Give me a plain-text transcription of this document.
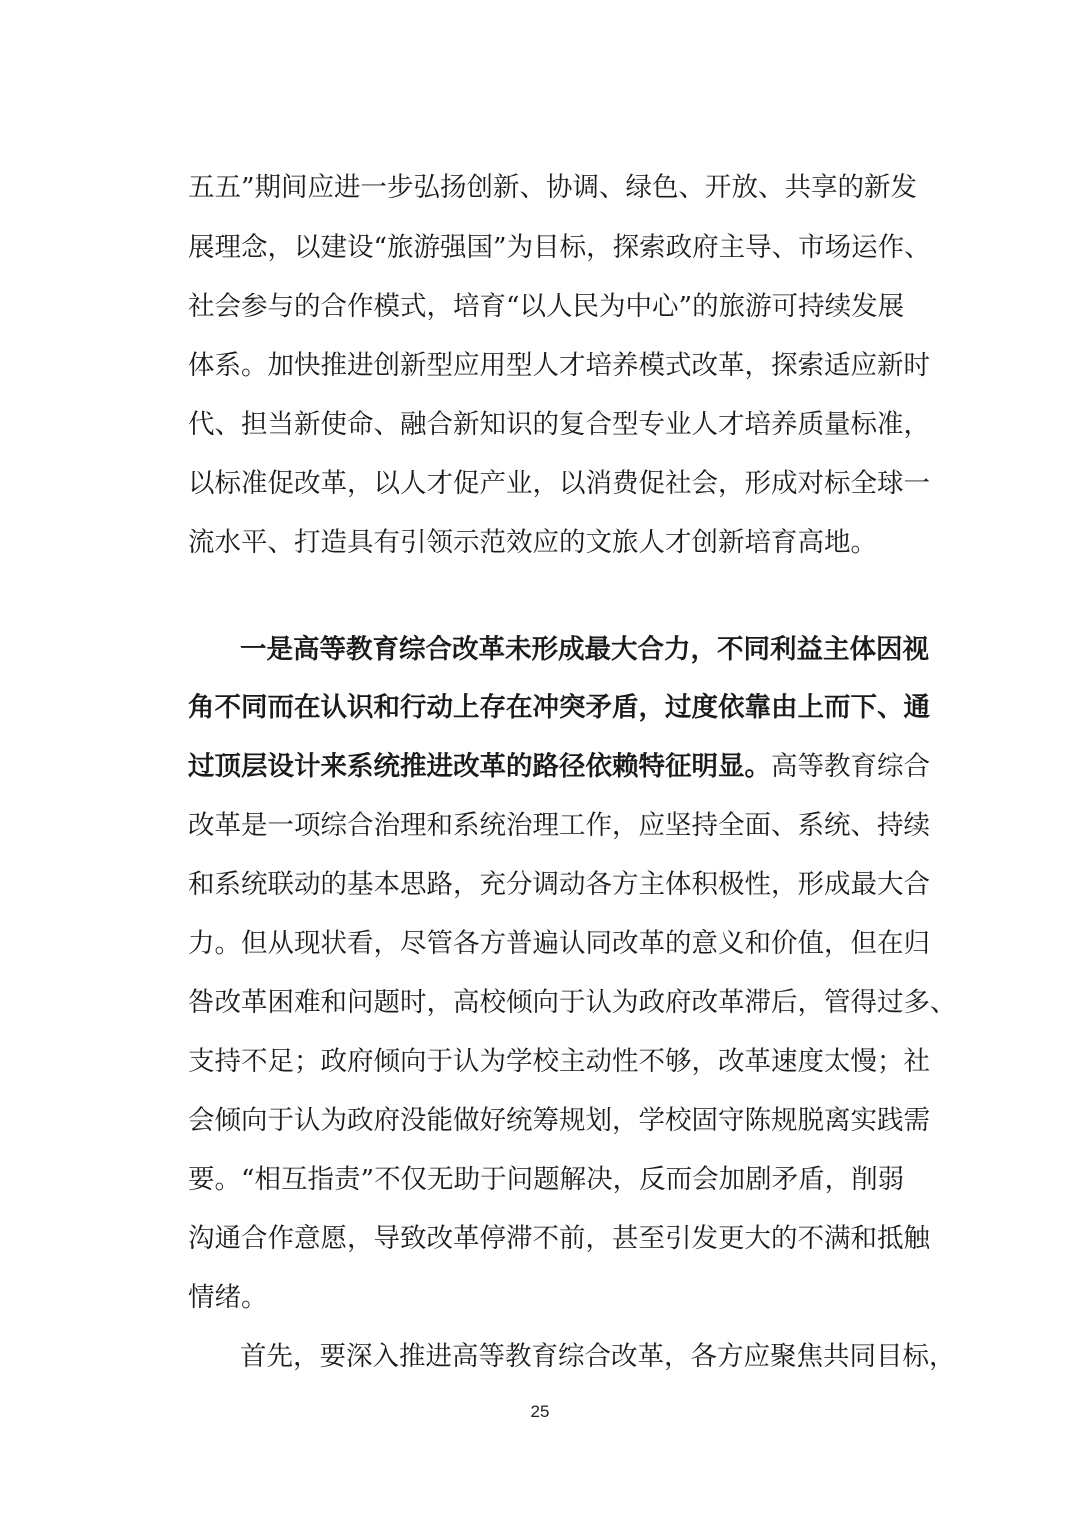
五五”期间应进一步弘扬创新、协调、绿色、开放、共享的新发
展理念，以建设“旅游强国”为目标，探索政府主导、市场运作、
社会参与的合作模式，培育“以人民为中心”的旅游可持续发展
体系。加快推进创新型应用型人才培养模式改革，探索适应新时
代、担当新使命、融合新知识的复合型专业人才培养质量标准，
以标准促改革，以人才促产业，以消费促社会，形成对标全球一
流水平、打造具有引领示范效应的文旅人才创新培育高地。
一是高等教育综合改革未形成最大合力，不同利益主体因视
角不同而在认识和行动上存在冲突矛盾，过度依靠由上而下、通
过顶层设计来系统推进改革的路径依赖特征明显。高等教育综合
改革是一项综合治理和系统治理工作，应坚持全面、系统、持续
和系统联动的基本思路，充分调动各方主体积极性，形成最大合
力。但从现状看，尽管各方普遍认同改革的意义和价值，但在归
咎改革困难和问题时，高校倾向于认为政府改革滞后，管得过多、
支持不足；政府倾向于认为学校主动性不够，改革速度太慢；社
会倾向于认为政府没能做好统筹规划，学校固守陈规脱离实践需
要。“相互指责”不仅无助于问题解决，反而会加剧矛盾，削弱
沟通合作意愿，导致改革停滞不前，甚至引发更大的不满和抵触
情绪。
首先，要深入推进高等教育综合改革，各方应聚焦共同目标，
25
